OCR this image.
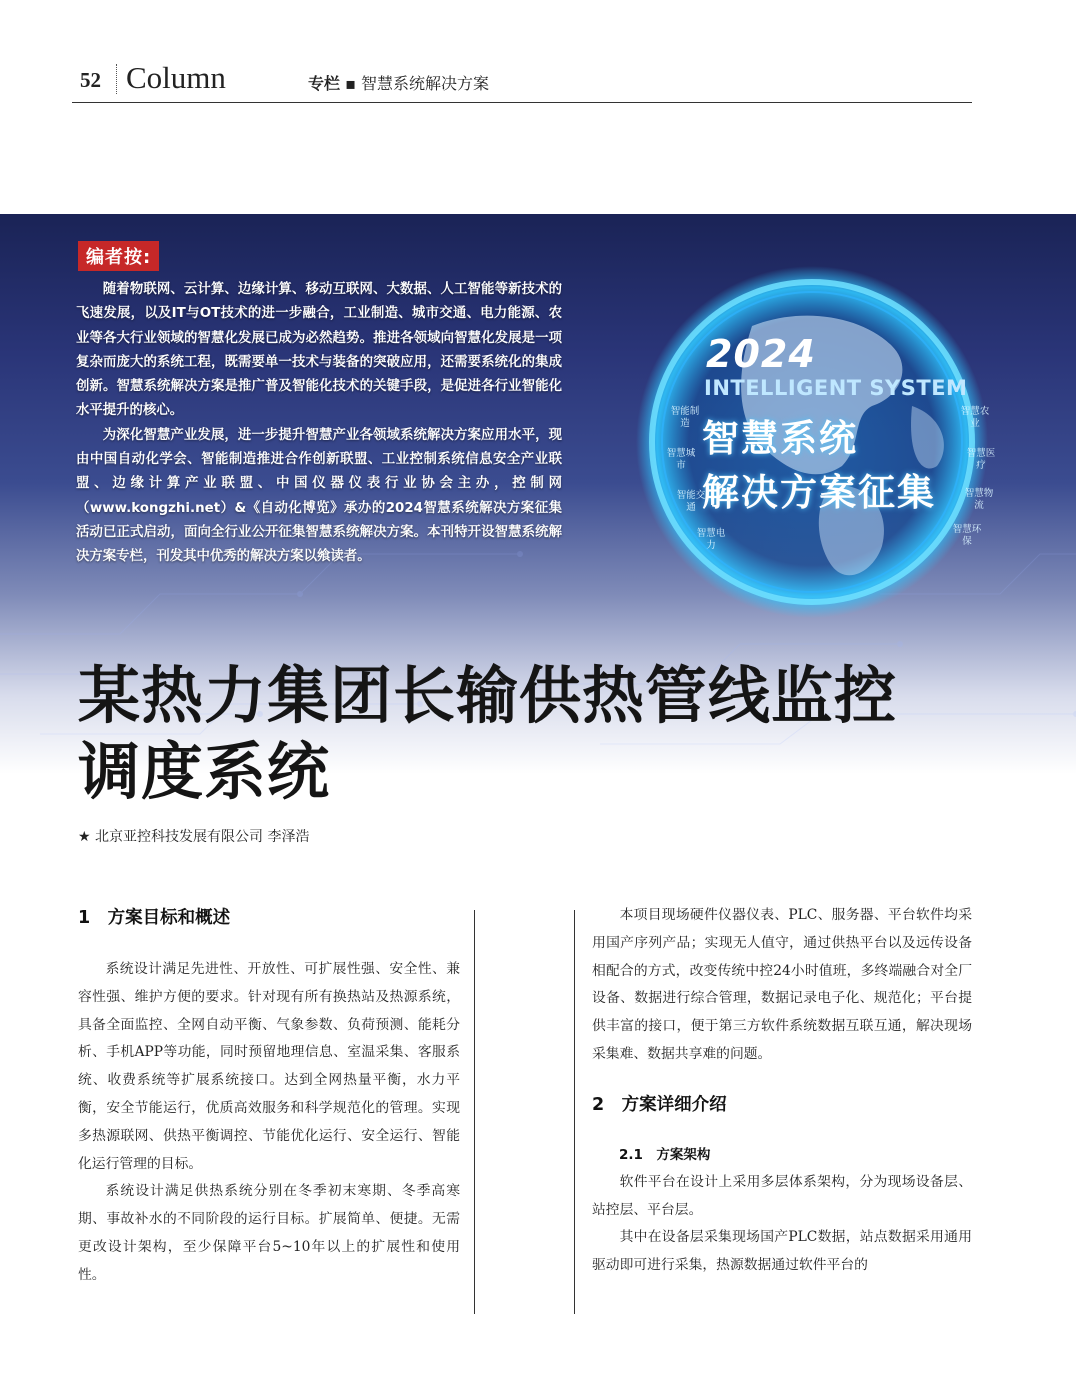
52 Column	专栏 ▪ 智慧系统解决方案
编者按:

随着物联网、云计算、边缘计算、移动互联网、大数据、人工智能等新技术的飞速发展，以及IT与OT技术的进一步融合，工业制造、城市交通、电力能源、农业等各大行业领域的智慧化发展已成为必然趋势。推进各领域向智慧化发展是一项复杂而庞大的系统工程，既需要单一技术与装备的突破应用，还需要系统化的集成创新。智慧系统解决方案是推广普及智能化技术的关键手段，是促进各行业智能化水平提升的核心。

为深化智慧产业发展，进一步提升智慧产业各领域系统解决方案应用水平，现由中国自动化学会、智能制造推进合作创新联盟、工业控制系统信息安全产业联盟、边缘计算产业联盟、中国仪器仪表行业协会主办，控制网（www.kongzhi.net）&《自动化博览》承办的2024智慧系统解决方案征集活动已正式启动，面向全行业公开征集智慧系统解决方案。本刊特开设智慧系统解决方案专栏，刊发其中优秀的解决方案以飨读者。

2024
INTELLIGENT SYSTEM
智慧系统
解决方案征集
智能制造
智慧城市
智能交通
智慧电力
智慧农业
智慧医疗
智慧物流
智慧环保
某热力集团长输供热管线监控
调度系统
★ 北京亚控科技发展有限公司 李泽浩
1　方案目标和概述

系统设计满足先进性、开放性、可扩展性强、安全性、兼容性强、维护方便的要求。针对现有所有换热站及热源系统，具备全面监控、全网自动平衡、气象参数、负荷预测、能耗分析、手机APP等功能，同时预留地理信息、室温采集、客服系统、收费系统等扩展系统接口。达到全网热量平衡，水力平衡，安全节能运行，优质高效服务和科学规范化的管理。实现多热源联网、供热平衡调控、节能优化运行、安全运行、智能化运行管理的目标。

系统设计满足供热系统分别在冬季初末寒期、冬季高寒期、事故补水的不同阶段的运行目标。扩展简单、便捷。无需更改设计架构，至少保障平台5~10年以上的扩展性和使用性。

本项目现场硬件仪器仪表、PLC、服务器、平台软件均采用国产序列产品；实现无人值守，通过供热平台以及远传设备相配合的方式，改变传统中控24小时值班，多终端融合对全厂设备、数据进行综合管理，数据记录电子化、规范化；平台提供丰富的接口，便于第三方软件系统数据互联互通，解决现场采集难、数据共享难的问题。

2　方案详细介绍
2.1　方案架构

软件平台在设计上采用多层体系架构，分为现场设备层、站控层、平台层。

其中在设备层采集现场国产PLC数据，站点数据采用通用驱动即可进行采集，热源数据通过软件平台的
